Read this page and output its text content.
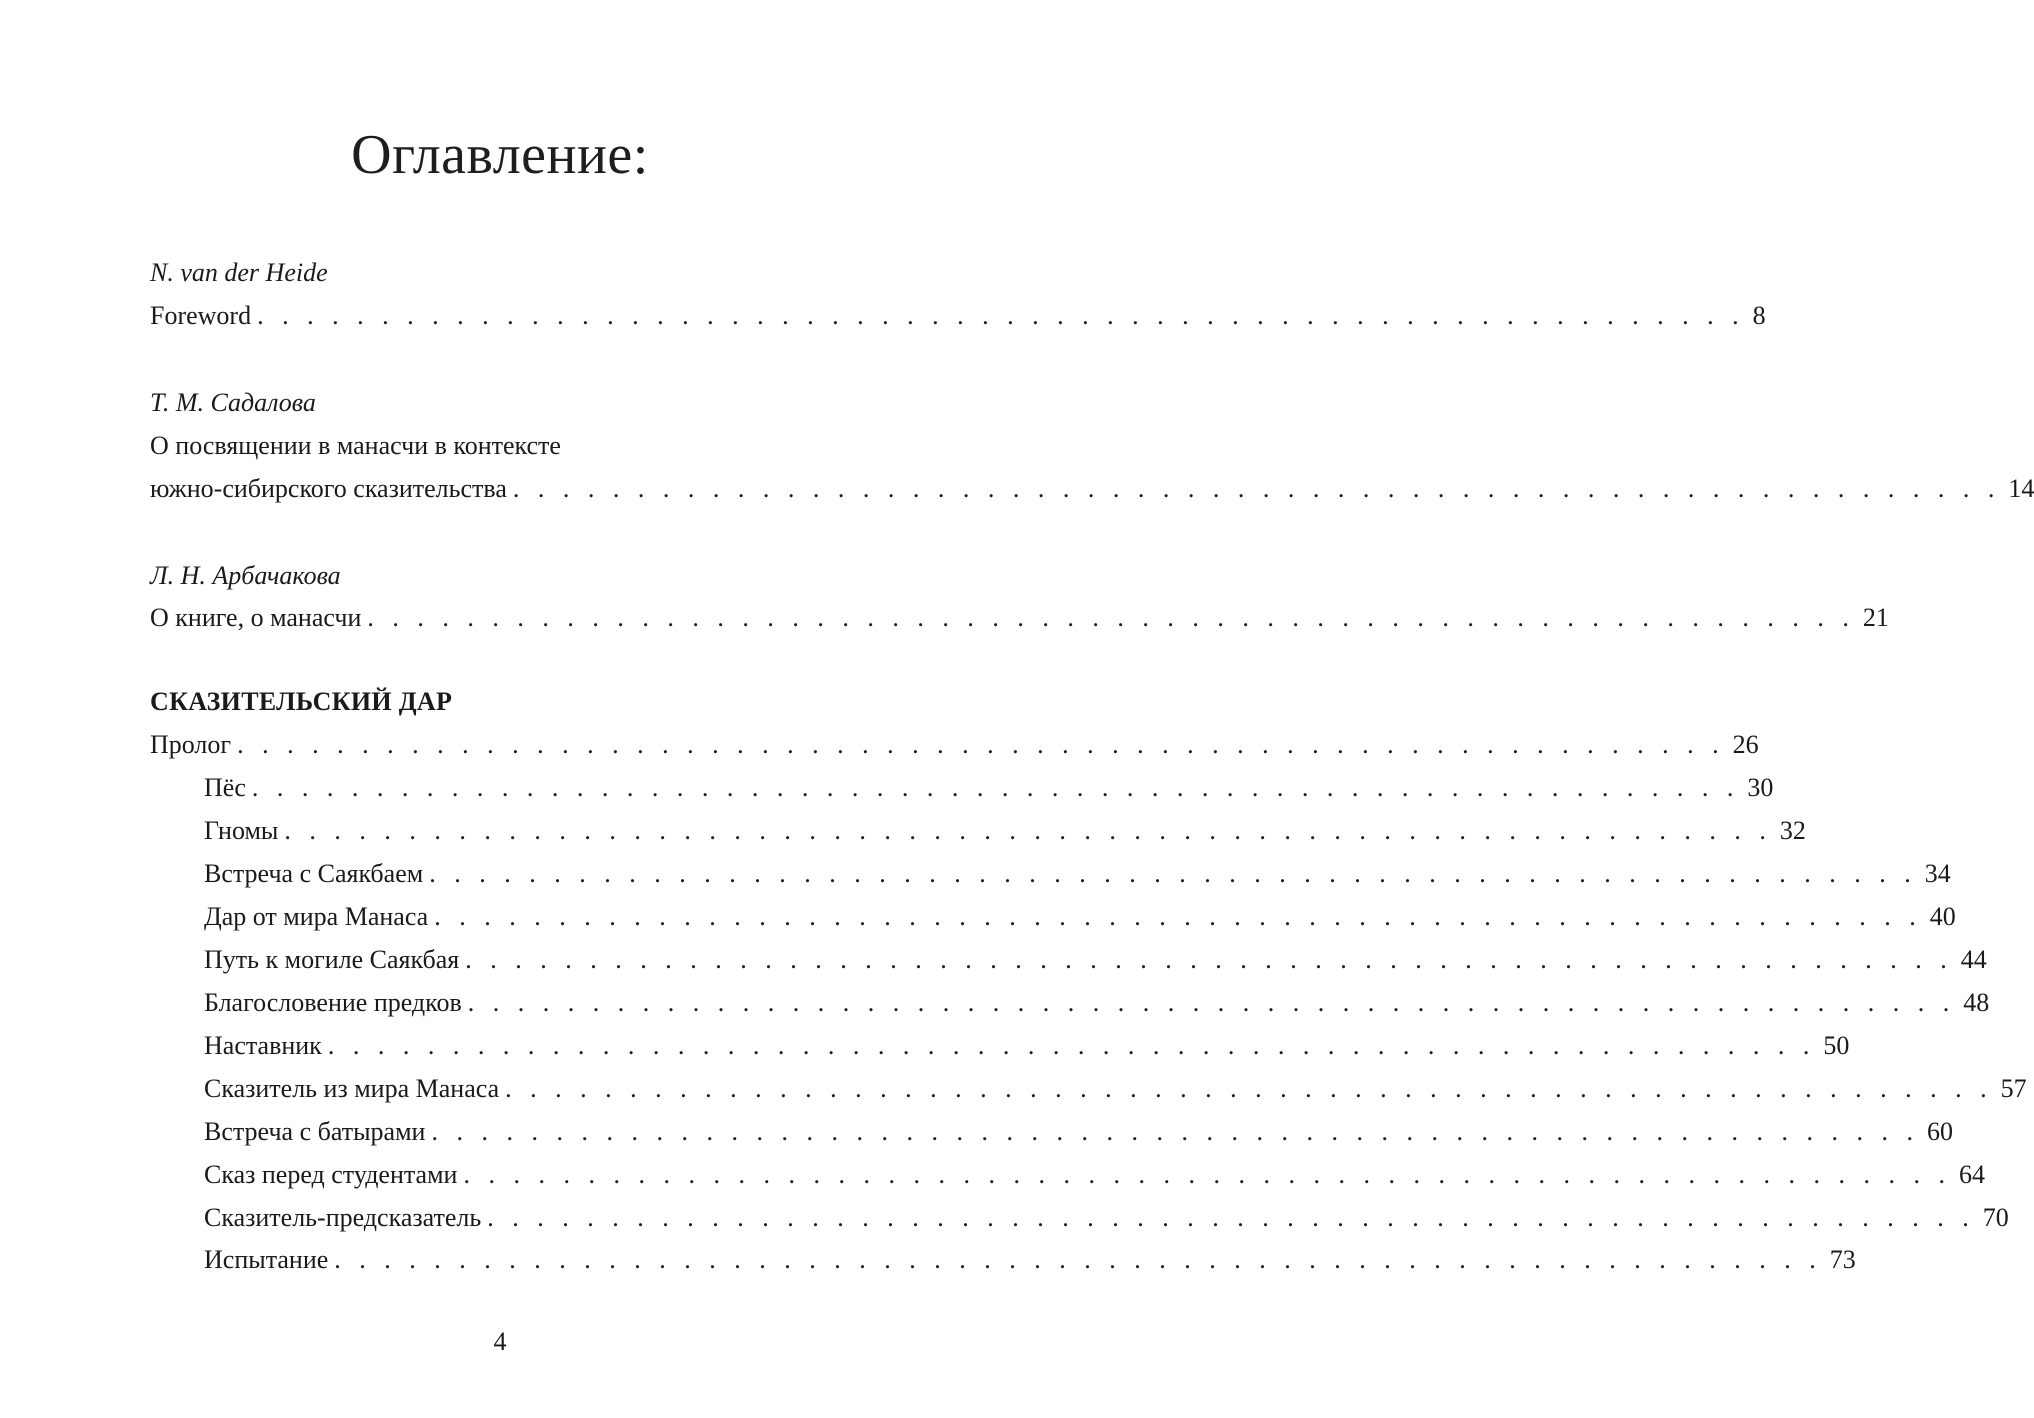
Оглавление:
N. van der Heide
Foreword . . . . . . . . . . . . . . . . . . . . . . . . . . . . . . . . . . . . . . . . . . . . . . . . . . . . . . . . . . . . 8
Т. М. Садалова
О посвящении в манасчи в контексте
южно-сибирского сказительства . . . . . . . . . . . . . . . . . . . . . . . . . . . . . . . . . . . . . . . . . . . . . . . . . . . . . . . . . . . . 14
Л. Н. Арбачакова
О книге, о манасчи . . . . . . . . . . . . . . . . . . . . . . . . . . . . . . . . . . . . . . . . . . . . . . . . . . . . . . . . . . . . 21
СКАЗИТЕЛЬСКИЙ ДАР
Пролог . . . . . . . . . . . . . . . . . . . . . . . . . . . . . . . . . . . . . . . . . . . . . . . . . . . . . . . . . . . . 26
Пёс . . . . . . . . . . . . . . . . . . . . . . . . . . . . . . . . . . . . . . . . . . . . . . . . . . . . . . . . . . . . 30
Гномы . . . . . . . . . . . . . . . . . . . . . . . . . . . . . . . . . . . . . . . . . . . . . . . . . . . . . . . . . . . . 32
Встреча с Саякбаем . . . . . . . . . . . . . . . . . . . . . . . . . . . . . . . . . . . . . . . . . . . . . . . . . . . . . . . . . . . . 34
Дар от мира Манаса . . . . . . . . . . . . . . . . . . . . . . . . . . . . . . . . . . . . . . . . . . . . . . . . . . . . . . . . . . . . 40
Путь к могиле Саякбая . . . . . . . . . . . . . . . . . . . . . . . . . . . . . . . . . . . . . . . . . . . . . . . . . . . . . . . . . . . . 44
Благословение предков . . . . . . . . . . . . . . . . . . . . . . . . . . . . . . . . . . . . . . . . . . . . . . . . . . . . . . . . . . . . 48
Наставник . . . . . . . . . . . . . . . . . . . . . . . . . . . . . . . . . . . . . . . . . . . . . . . . . . . . . . . . . . . . 50
Сказитель из мира Манаса . . . . . . . . . . . . . . . . . . . . . . . . . . . . . . . . . . . . . . . . . . . . . . . . . . . . . . . . . . . . 57
Встреча с батырами . . . . . . . . . . . . . . . . . . . . . . . . . . . . . . . . . . . . . . . . . . . . . . . . . . . . . . . . . . . . 60
Сказ перед студентами . . . . . . . . . . . . . . . . . . . . . . . . . . . . . . . . . . . . . . . . . . . . . . . . . . . . . . . . . . . . 64
Сказитель-предсказатель . . . . . . . . . . . . . . . . . . . . . . . . . . . . . . . . . . . . . . . . . . . . . . . . . . . . . . . . . . . . 70
Испытание . . . . . . . . . . . . . . . . . . . . . . . . . . . . . . . . . . . . . . . . . . . . . . . . . . . . . . . . . . . . 73
4
